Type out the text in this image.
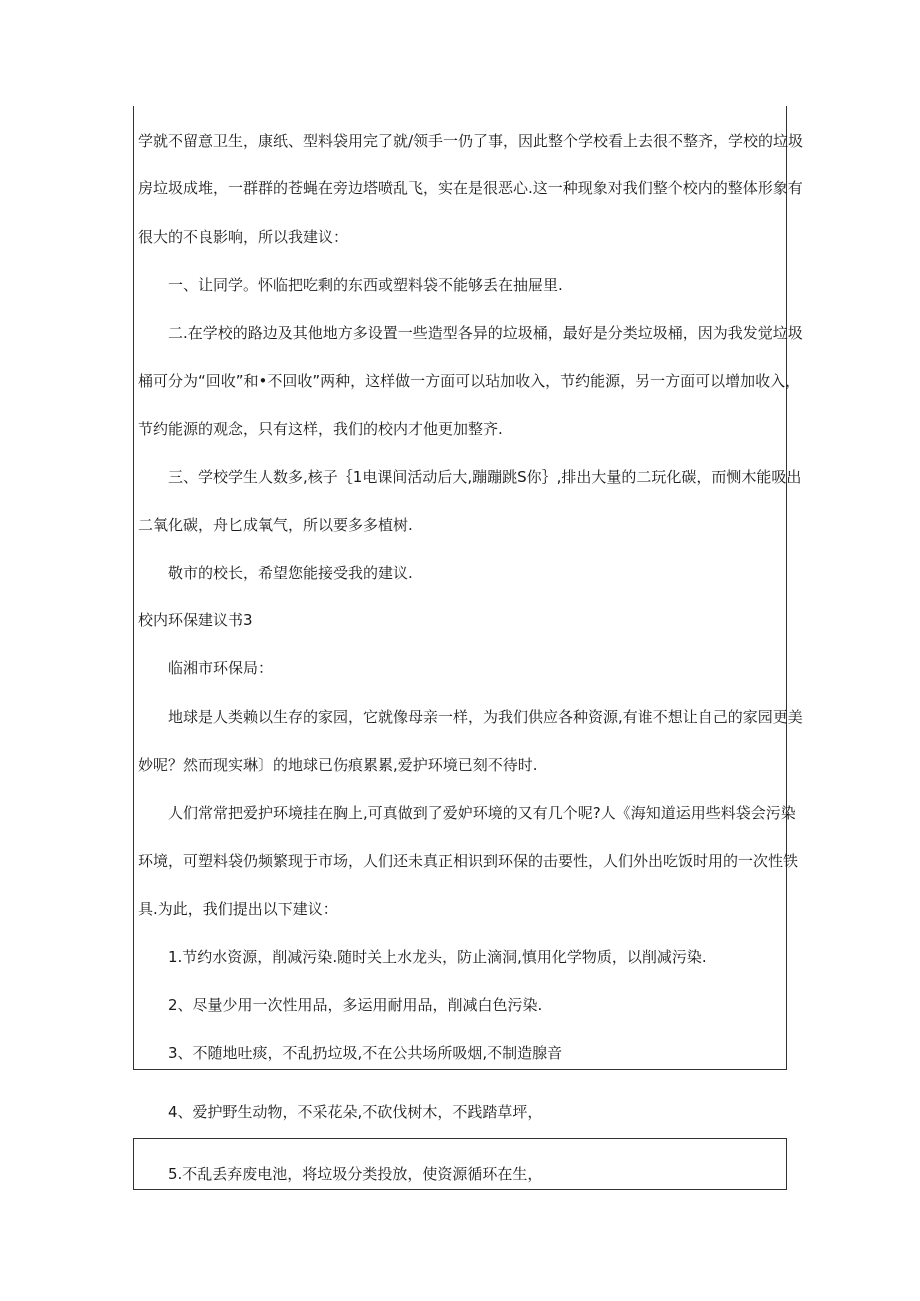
学就不留意卫生，康纸、型料袋用完了就/领手一仍了事，因此整个学校看上去很不整齐，学校的垃圾
房垃圾成堆，一群群的苍蝇在旁边塔喷乱飞，实在是很恶心.这一种现象对我们整个校内的整体形象有
很大的不良影响，所以我建议：
一、让同学。怀临把吃剩的东西或塑料袋不能够丢在抽屉里.
二.在学校的路边及其他地方多设置一些造型各异的垃圾桶，最好是分类垃圾桶，因为我发觉垃圾
桶可分为“回收”和•不回收”两种，这样做一方面可以玷加收入，节约能源，另一方面可以增加收入，
节约能源的观念，只有这样，我们的校内才他更加整齐.
三、学校学生人数多,核子｛1电课间活动后大,蹦蹦跳S你｝,排出大量的二玩化碳，而恻木能吸出
二氧化碳，舟匕成氧气，所以要多多植树.
敬市的校长，希望您能接受我的建议.
校内环保建议书3
临湘市环保局：
地球是人类赖以生存的家园，它就像母亲一样，为我们供应各种资源,有谁不想让自己的家园更美
妙呢？然而现实琳〕的地球已伤痕累累,爱护环境已刻不待时.
人们常常把爱护环境挂在胸上,可真做到了爱妒环境的又有几个呢?人《海知道运用些料袋会污染
环境，可塑料袋仍频繁现于市场，人们还未真正相识到环保的击要性，人们外出吃饭时用的一次性铁
具.为此，我们提出以下建议：
1.节约水资源，削减污染.随时关上水龙头，防止滴洞,慎用化学物质，以削减污染.
2、尽量少用一次性用品，多运用耐用品，削减白色污染.
3、不随地吐痰，不乱扔垃圾,不在公共场所吸烟,不制造腺音
4、爱护野生动物，不采花朵,不砍伐树木，不践踏草坪，
5.不乱丢弃废电池，将垃圾分类投放，使资源循环在生，
